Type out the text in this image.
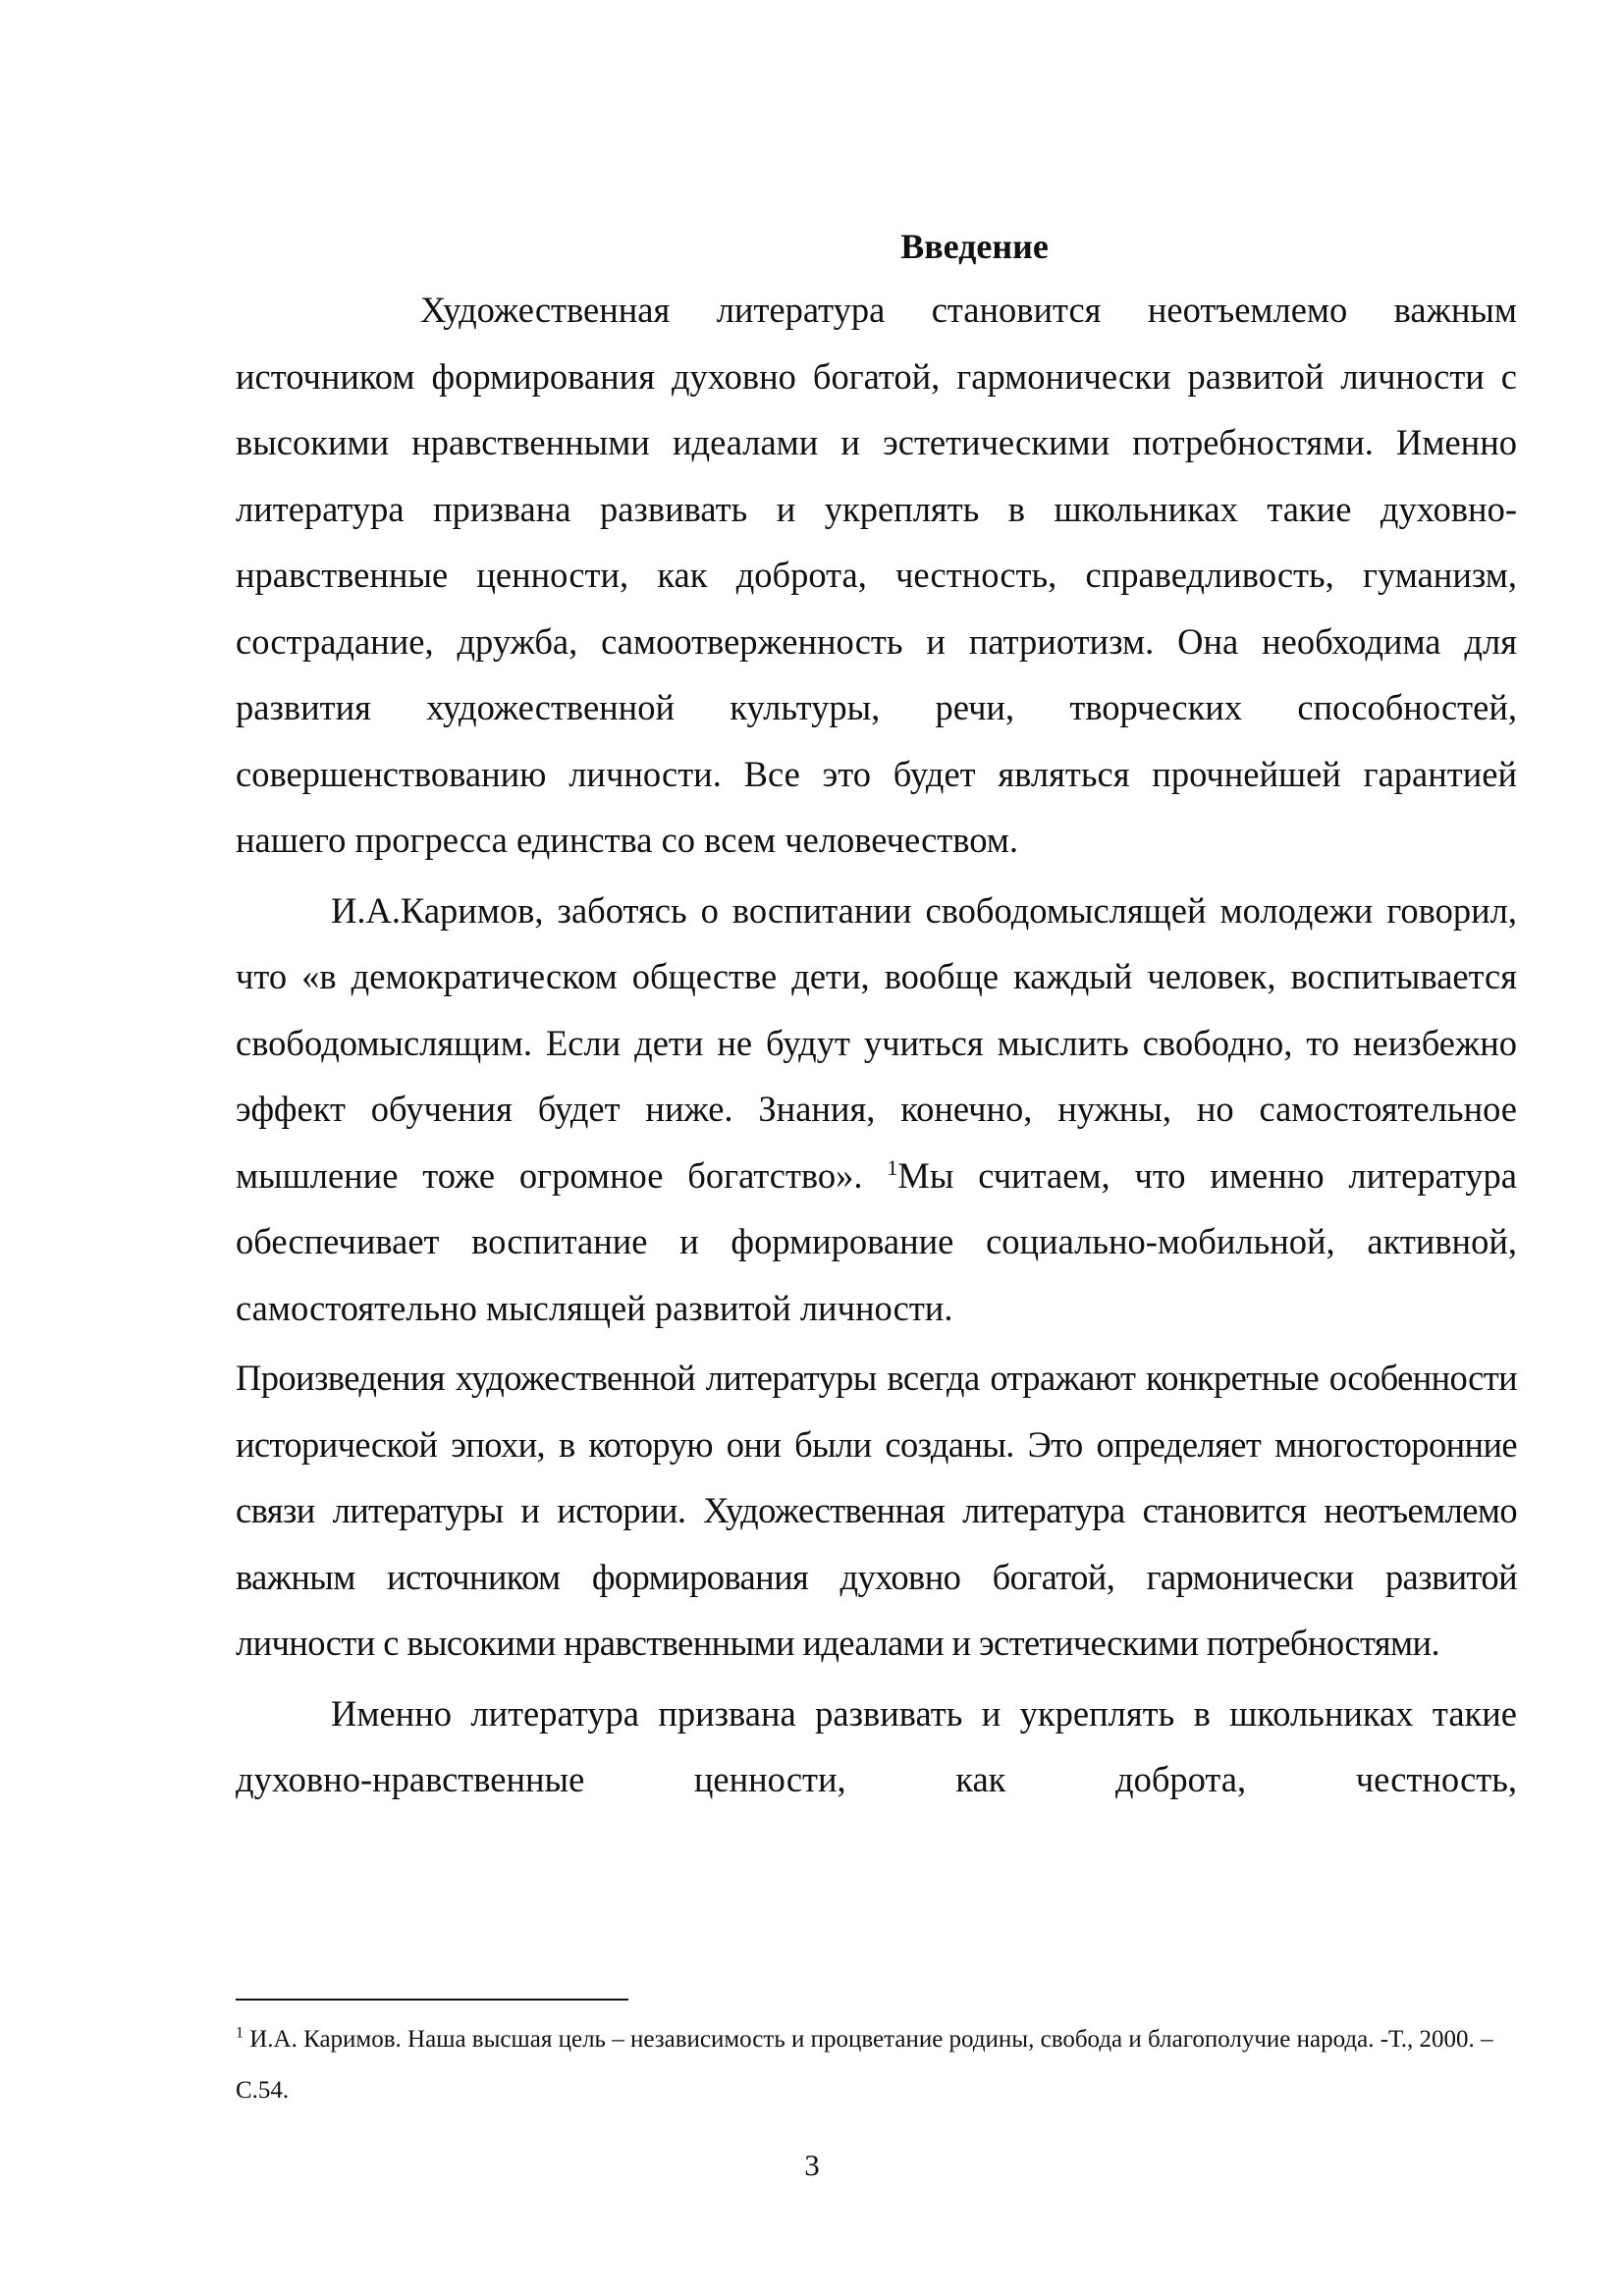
Введение

Художественная литература становится неотъемлемо важным источником формирования духовно богатой, гармонически развитой личности с высокими нравственными идеалами и эстетическими потребностями. Именно литература призвана развивать и укреплять в школьниках такие духовно-нравственные ценности, как доброта, честность, справедливость, гуманизм, сострадание, дружба, самоотверженность и патриотизм. Она необходима для развития художественной культуры, речи, творческих способностей, совершенствованию личности. Все это будет являться прочнейшей гарантией нашего прогресса единства со всем человечеством.

И.А.Каримов, заботясь о воспитании свободомыслящей молодежи говорил, что «в демократическом обществе дети, вообще каждый человек, воспитывается свободомыслящим. Если дети не будут учиться мыслить свободно, то неизбежно эффект обучения будет ниже. Знания, конечно, нужны, но самостоятельное мышление тоже огромное богатство». $^1$Мы считаем, что именно литература обеспечивает воспитание и формирование социально-мобильной, активной, самостоятельно мыслящей развитой личности.

Произведения художественной литературы всегда отражают конкретные особенности исторической эпохи, в которую они были созданы. Это определяет многосторонние связи литературы и истории. Художественная литература становится неотъемлемо важным источником формирования духовно богатой, гармонически развитой личности с высокими нравственными идеалами и эстетическими потребностями.

Именно литература призвана развивать и укреплять в школьниках такие духовно-нравственные ценности, как доброта, честность,

$^1$ И.А. Каримов. Наша высшая цель – независимость и процветание родины, свобода и благополучие народа. -Т., 2000. –С.54.

3
